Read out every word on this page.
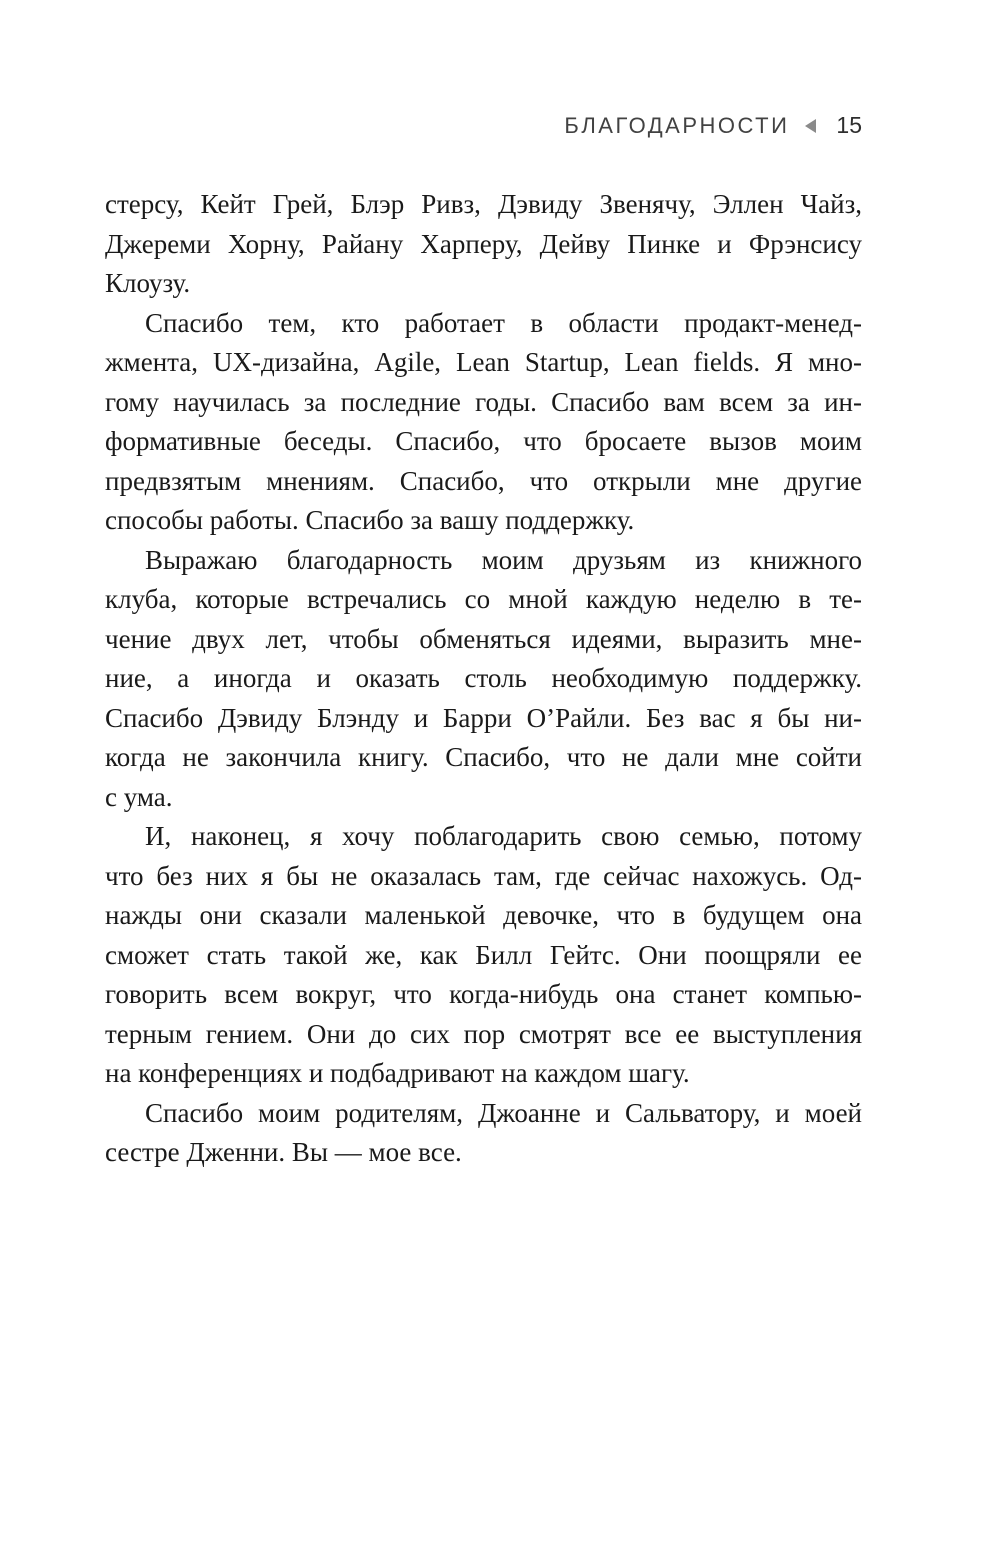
БЛАГОДАРНОСТИ 15

стерсу, Кейт Грей, Блэр Ривз, Дэвиду Звенячу, Эллен Чайз,
Джереми Хорну, Райану Харперу, Дейву Пинке и Фрэнсису
Клоузу.

Спасибо тем, кто работает в области продакт-менед-
жмента, UX-дизайна, Agile, Lean Startup, Lean fields. Я мно-
гому научилась за последние годы. Спасибо вам всем за ин-
формативные беседы. Спасибо, что бросаете вызов моим
предвзятым мнениям. Спасибо, что открыли мне другие
способы работы. Спасибо за вашу поддержку.

Выражаю благодарность моим друзьям из книжного
клуба, которые встречались со мной каждую неделю в те-
чение двух лет, чтобы обменяться идеями, выразить мне-
ние, а иногда и оказать столь необходимую поддержку.
Спасибо Дэвиду Блэнду и Барри О’Райли. Без вас я бы ни-
когда не закончила книгу. Спасибо, что не дали мне сойти
с ума.

И, наконец, я хочу поблагодарить свою семью, потому
что без них я бы не оказалась там, где сейчас нахожусь. Од-
нажды они сказали маленькой девочке, что в будущем она
сможет стать такой же, как Билл Гейтс. Они поощряли ее
говорить всем вокруг, что когда-нибудь она станет компью-
терным гением. Они до сих пор смотрят все ее выступления
на конференциях и подбадривают на каждом шагу.

Спасибо моим родителям, Джоанне и Сальватору, и моей
сестре Дженни. Вы — мое все.
